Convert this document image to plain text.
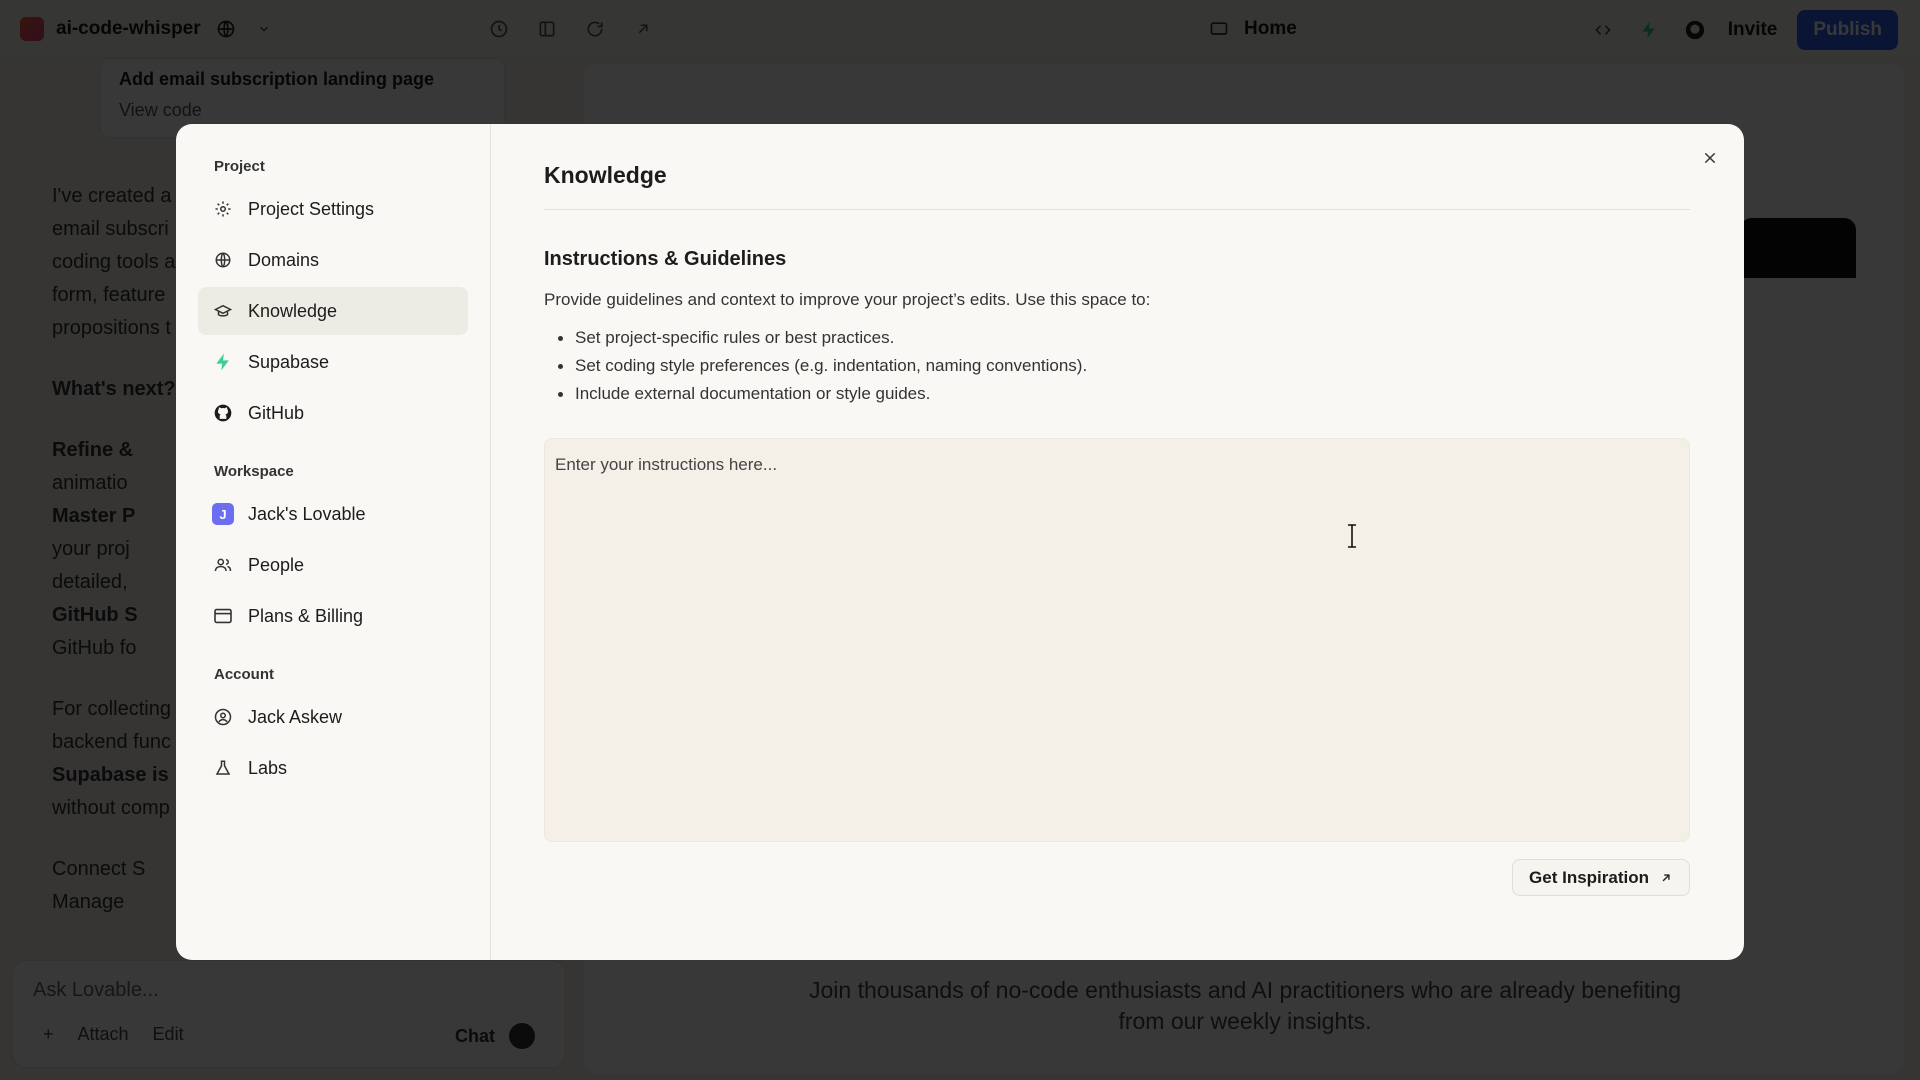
Project
Project Settings
Domains
Knowledge
Supabase
GitHub
Workspace
J	Jack's Lovable
People
Plans & Billing
Account
Jack Askew
Labs
Knowledge
Instructions & Guidelines
Provide guidelines and context to improve your project’s edits. Use this space to:
Set project-specific rules or best practices.
Set coding style preferences (e.g. indentation, naming conventions).
Include external documentation or style guides.
Enter your instructions here...
Get Inspiration
